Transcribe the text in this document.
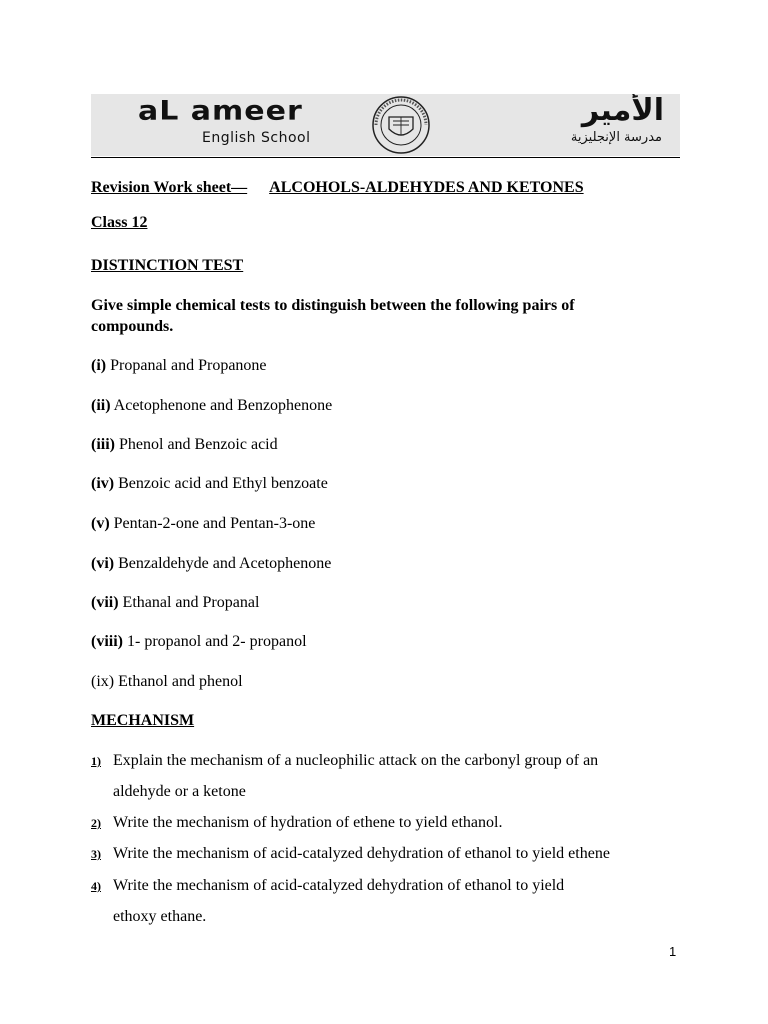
aL ameer
English School
الأمير
مدرسة الإنجليزية
Revision Work sheet— ALCOHOLS-ALDEHYDES AND KETONES
Class 12
DISTINCTION TEST
Give simple chemical tests to distinguish between the following pairs of
compounds.
(i) Propanal and Propanone
(ii) Acetophenone and Benzophenone
(iii) Phenol and Benzoic acid
(iv) Benzoic acid and Ethyl benzoate
(v) Pentan-2-one and Pentan-3-one
(vi) Benzaldehyde and Acetophenone
(vii) Ethanal and Propanal
(viii) 1- propanol and 2- propanol
(ix) Ethanol and phenol
MECHANISM
1) Explain the mechanism of a nucleophilic attack on the carbonyl group of an
aldehyde or a ketone
2) Write the mechanism of hydration of ethene to yield ethanol.
3) Write the mechanism of acid-catalyzed dehydration of ethanol to yield ethene
4) Write the mechanism of acid-catalyzed dehydration of ethanol to yield
ethoxy ethane.
1
